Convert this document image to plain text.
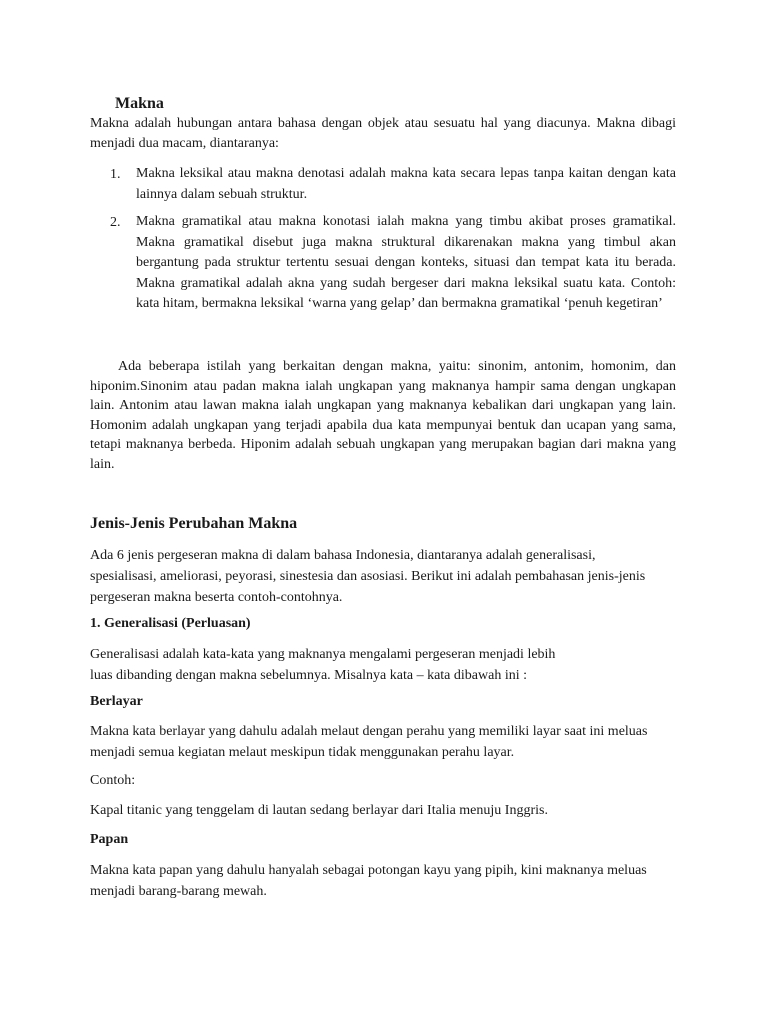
Makna

Makna adalah hubungan antara bahasa dengan objek atau sesuatu hal yang diacunya. Makna dibagi menjadi dua macam, diantaranya:

1. Makna leksikal atau makna denotasi adalah makna kata secara lepas tanpa kaitan dengan kata lainnya dalam sebuah struktur.

2. Makna gramatikal atau makna konotasi ialah makna yang timbu akibat proses gramatikal. Makna gramatikal disebut juga makna struktural dikarenakan makna yang timbul akan bergantung pada struktur tertentu sesuai dengan konteks, situasi dan tempat kata itu berada. Makna gramatikal adalah akna yang sudah bergeser dari makna leksikal suatu kata. Contoh: kata hitam, bermakna leksikal ‘warna yang gelap’ dan bermakna gramatikal ‘penuh kegetiran’

Ada beberapa istilah yang berkaitan dengan makna, yaitu: sinonim, antonim, homonim, dan hiponim.Sinonim atau padan makna ialah ungkapan yang maknanya hampir sama dengan ungkapan lain. Antonim atau lawan makna ialah ungkapan yang maknanya kebalikan dari ungkapan yang lain. Homonim adalah ungkapan yang terjadi apabila dua kata mempunyai bentuk dan ucapan yang sama, tetapi maknanya berbeda. Hiponim adalah sebuah ungkapan yang merupakan bagian dari makna yang lain.

Jenis-Jenis Perubahan Makna

Ada 6 jenis pergeseran makna di dalam bahasa Indonesia, diantaranya adalah generalisasi, spesialisasi, ameliorasi, peyorasi, sinestesia dan asosiasi. Berikut ini adalah pembahasan jenis-jenis pergeseran makna beserta contoh-contohnya.

1. Generalisasi (Perluasan)

Generalisasi adalah kata-kata yang maknanya mengalami pergeseran menjadi lebih luas dibanding dengan makna sebelumnya. Misalnya kata – kata dibawah ini :

Berlayar

Makna kata berlayar yang dahulu adalah melaut dengan perahu yang memiliki layar saat ini meluas menjadi semua kegiatan melaut meskipun tidak menggunakan perahu layar.

Contoh:

Kapal titanic yang tenggelam di lautan sedang berlayar dari Italia menuju Inggris.

Papan

Makna kata papan yang dahulu hanyalah sebagai potongan kayu yang pipih, kini maknanya meluas menjadi barang-barang mewah.
